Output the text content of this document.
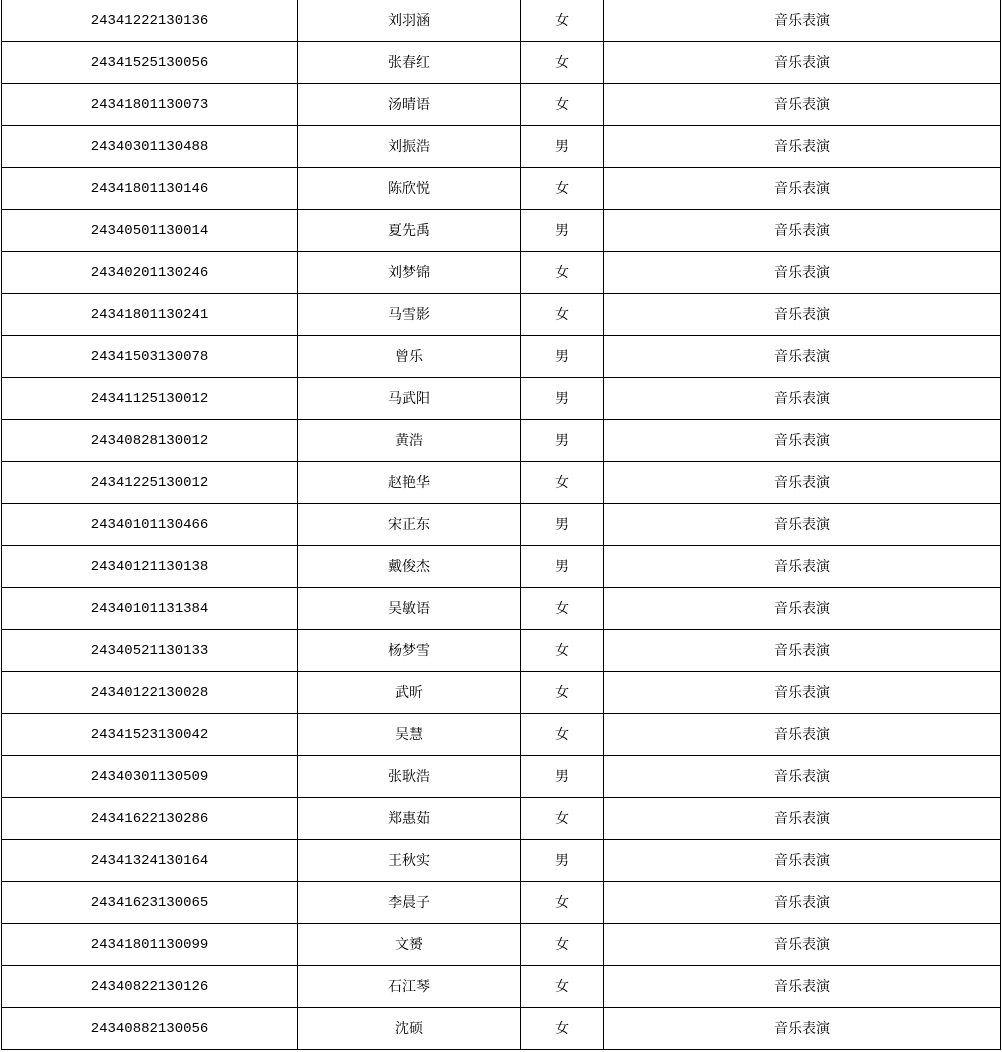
24341222130136	刘羽涵	女	音乐表演
24341525130056	张春红	女	音乐表演
24341801130073	汤晴语	女	音乐表演
24340301130488	刘振浩	男	音乐表演
24341801130146	陈欣悦	女	音乐表演
24340501130014	夏先禹	男	音乐表演
24340201130246	刘梦锦	女	音乐表演
24341801130241	马雪影	女	音乐表演
24341503130078	曾乐	男	音乐表演
24341125130012	马武阳	男	音乐表演
24340828130012	黄浩	男	音乐表演
24341225130012	赵艳华	女	音乐表演
24340101130466	宋正东	男	音乐表演
24340121130138	戴俊杰	男	音乐表演
24340101131384	吴敏语	女	音乐表演
24340521130133	杨梦雪	女	音乐表演
24340122130028	武昕	女	音乐表演
24341523130042	吴慧	女	音乐表演
24340301130509	张耿浩	男	音乐表演
24341622130286	郑惠茹	女	音乐表演
24341324130164	王秋实	男	音乐表演
24341623130065	李晨子	女	音乐表演
24341801130099	文赟	女	音乐表演
24340822130126	石江琴	女	音乐表演
24340882130056	沈硕	女	音乐表演
